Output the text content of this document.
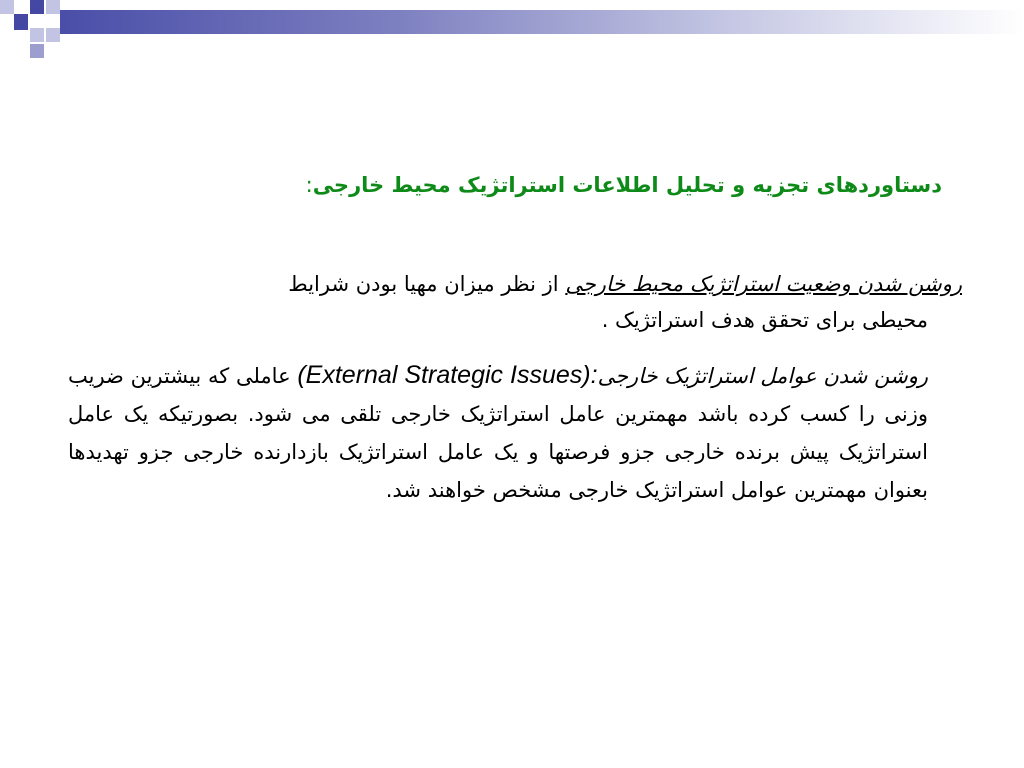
دستاوردهای تجزیه و تحلیل اطلاعات استراتژیک محیط خارجی:
روشن شدن وضعیت استراتژیک محیط خارجی از نظر میزان مهیا بودن شرایط
محیطی برای تحقق هدف استراتژیک .
روشن شدن عوامل استراتژیک خارجی(External Strategic Issues): عاملی که بیشترین ضریب وزنی را کسب کرده باشد مهمترین عامل استراتژیک خارجی تلقی می شود. بصورتیکه یک عامل استراتژیک پیش برنده خارجی جزو فرصتها و یک عامل استراتژیک بازدارنده خارجی جزو تهدیدها بعنوان مهمترین عوامل استراتژیک خارجی مشخص خواهند شد.
